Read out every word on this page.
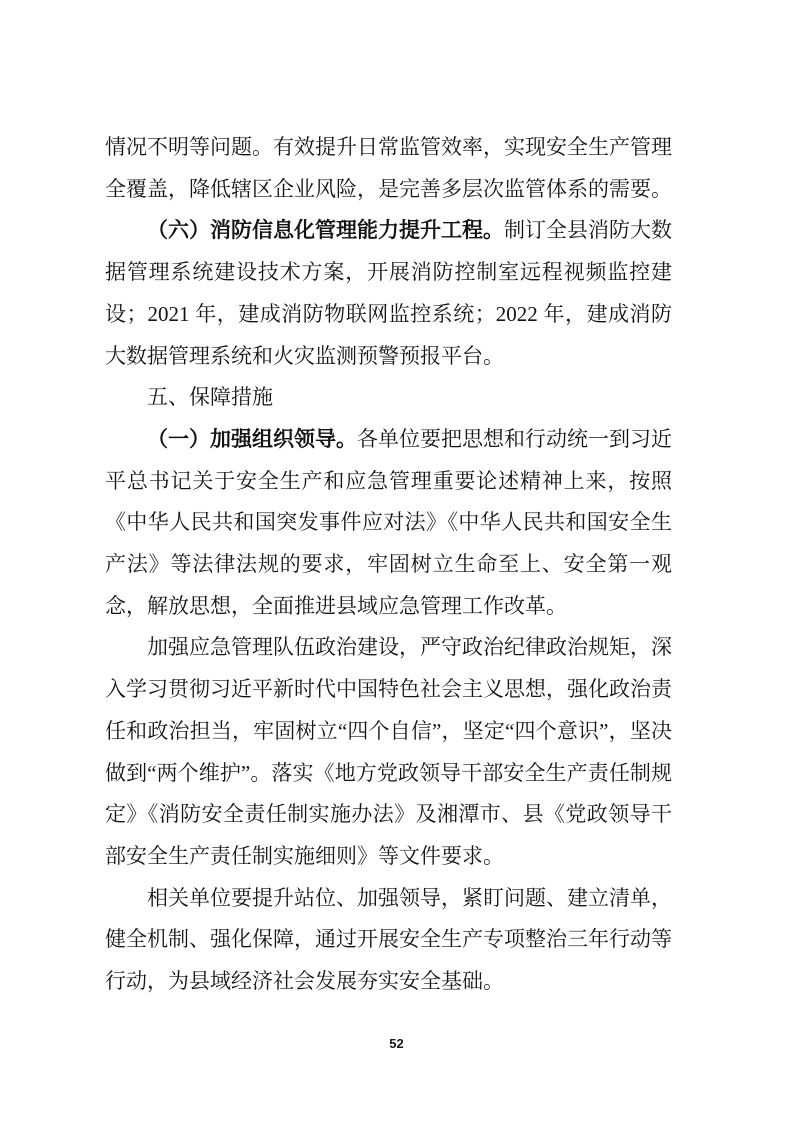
情况不明等问题。有效提升日常监管效率，实现安全生产管理全覆盖，降低辖区企业风险，是完善多层次监管体系的需要。

（六）消防信息化管理能力提升工程。制订全县消防大数据管理系统建设技术方案，开展消防控制室远程视频监控建设；2021 年，建成消防物联网监控系统；2022 年，建成消防大数据管理系统和火灾监测预警预报平台。

五、保障措施

（一）加强组织领导。各单位要把思想和行动统一到习近平总书记关于安全生产和应急管理重要论述精神上来，按照《中华人民共和国突发事件应对法》《中华人民共和国安全生产法》等法律法规的要求，牢固树立生命至上、安全第一观念，解放思想，全面推进县域应急管理工作改革。

加强应急管理队伍政治建设，严守政治纪律政治规矩，深入学习贯彻习近平新时代中国特色社会主义思想，强化政治责任和政治担当，牢固树立“四个自信”，坚定“四个意识”，坚决做到“两个维护”。落实《地方党政领导干部安全生产责任制规定》《消防安全责任制实施办法》及湘潭市、县《党政领导干部安全生产责任制实施细则》等文件要求。

相关单位要提升站位、加强领导，紧盯问题、建立清单，健全机制、强化保障，通过开展安全生产专项整治三年行动等行动，为县域经济社会发展夯实安全基础。

52
